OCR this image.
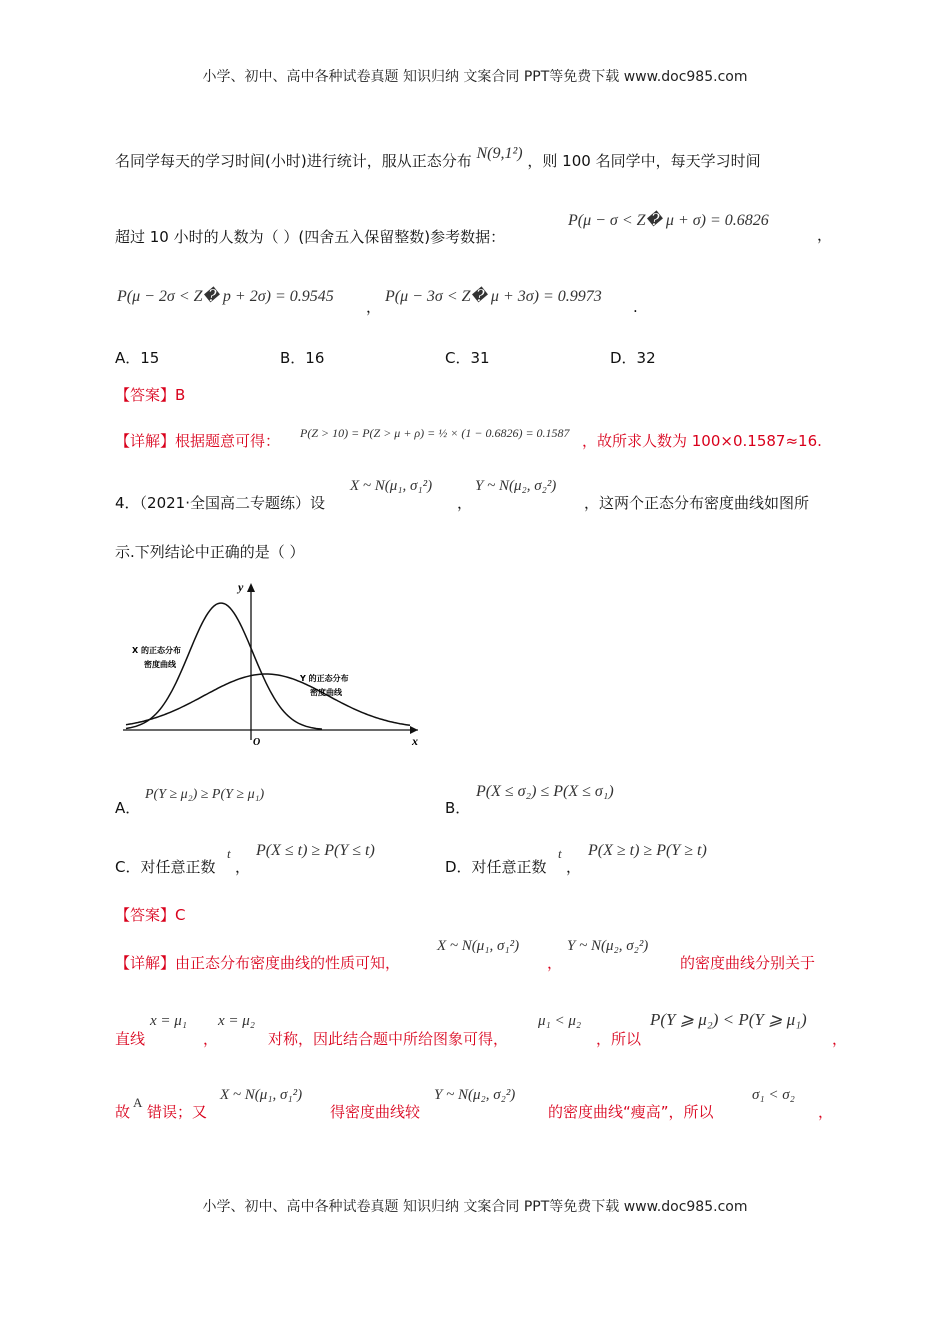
小学、初中、高中各种试卷真题 知识归纳 文案合同 PPT等免费下载 www.doc985.com
名同学每天的学习时间(小时)进行统计，服从正态分布 N(9,1²) ，则 100 名同学中，每天学习时间
超过 10 小时的人数为（ ）(四舍五入保留整数)参考数据：
P(μ − σ < Z� μ + σ) = 0.6826
，
P(μ − 2σ < Z� p + 2σ) = 0.9545
，
P(μ − 3σ < Z� μ + 3σ) = 0.9973
.
A．15	B．16	C．31	D．32
【答案】B
【详解】根据题意可得： P(Z > 10) = P(Z > μ + ρ) = ½ × (1 − 0.6826) = 0.1587 ，故所求人数为 100×0.1587≈16.
4．（2021·全国高二专题练）设
X ~ N(μ₁, σ₁²)
，
Y ~ N(μ₂, σ₂²)
，这两个正态分布密度曲线如图所
示.下列结论中正确的是（ ）
y
x
O
X 的正态分布
密度曲线
Y 的正态分布
密度曲线
A．
P(Y ≥ μ₂) ≥ P(Y ≥ μ₁)
B．
P(X ≤ σ₂) ≤ P(X ≤ σ₁)
C．对任意正数
t
，
P(X ≤ t) ≥ P(Y ≤ t)
D．对任意正数
t
，
P(X ≥ t) ≥ P(Y ≥ t)
【答案】C
【详解】由正态分布密度曲线的性质可知，
X ~ N(μ₁, σ₁²)
，
Y ~ N(μ₂, σ₂²)
的密度曲线分别关于
直线
x = μ₁
，
x = μ₂
对称，因此结合题中所给图象可得，
μ₁ < μ₂
，所以
P(Y ⩾ μ₂) < P(Y ⩾ μ₁)
，
故
A
错误；又
X ~ N(μ₁, σ₁²)
得密度曲线较
Y ~ N(μ₂, σ₂²)
的密度曲线“瘦高”，所以
σ₁ < σ₂
，
小学、初中、高中各种试卷真题 知识归纳 文案合同 PPT等免费下载 www.doc985.com
